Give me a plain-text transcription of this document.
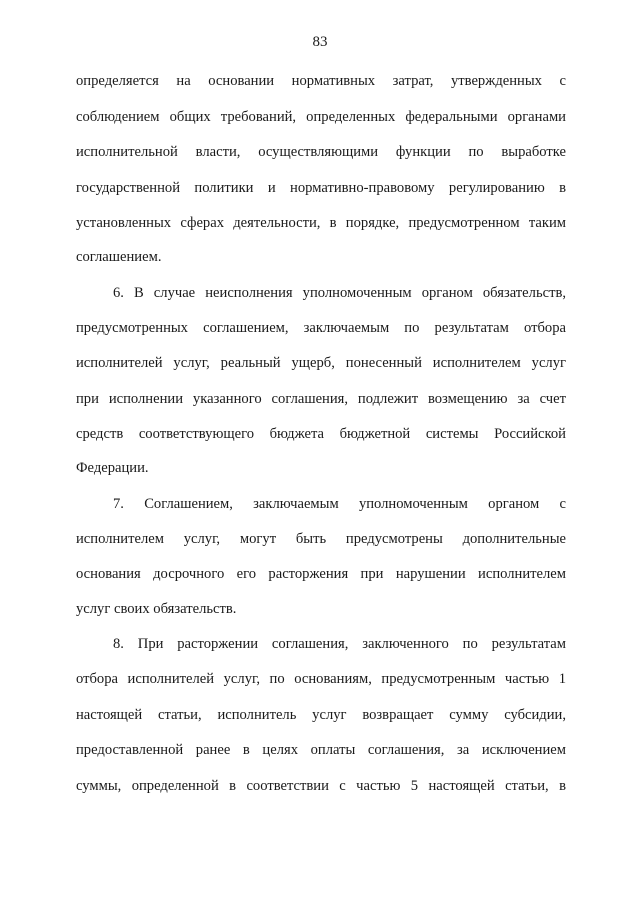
83
определяется на основании нормативных затрат, утвержденных с
соблюдением общих требований, определенных федеральными органами
исполнительной власти, осуществляющими функции по выработке
государственной политики и нормативно-правовому регулированию в
установленных сферах деятельности, в порядке, предусмотренном таким
соглашением.
6. В случае неисполнения уполномоченным органом обязательств,
предусмотренных соглашением, заключаемым по результатам отбора
исполнителей услуг, реальный ущерб, понесенный исполнителем услуг
при исполнении указанного соглашения, подлежит возмещению за счет
средств соответствующего бюджета бюджетной системы Российской
Федерации.
7. Соглашением, заключаемым уполномоченным органом с
исполнителем услуг, могут быть предусмотрены дополнительные
основания досрочного его расторжения при нарушении исполнителем
услуг своих обязательств.
8. При расторжении соглашения, заключенного по результатам
отбора исполнителей услуг, по основаниям, предусмотренным частью 1
настоящей статьи, исполнитель услуг возвращает сумму субсидии,
предоставленной ранее в целях оплаты соглашения, за исключением
суммы, определенной в соответствии с частью 5 настоящей статьи, в
